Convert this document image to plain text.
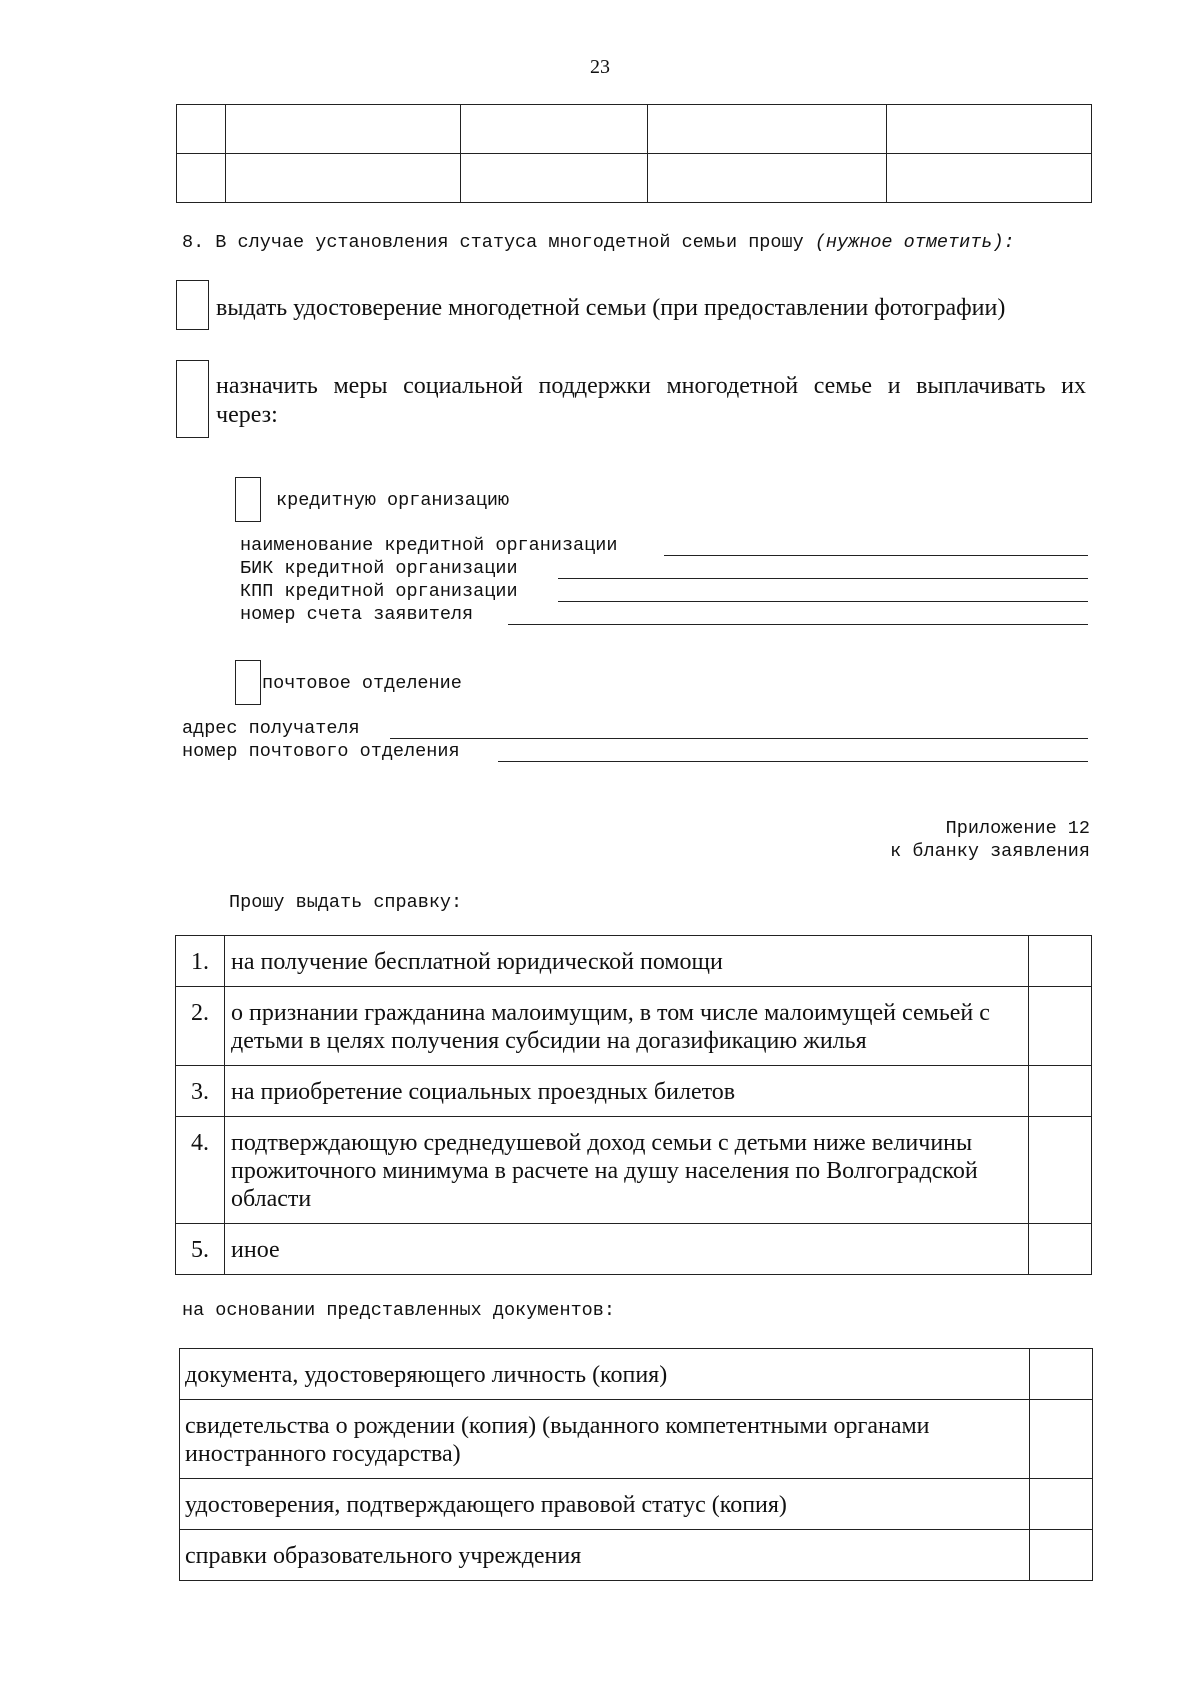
23

8. В случае установления статуса многодетной семьи прошу (нужное отметить):
выдать удостоверение многодетной семьи (при предоставлении фотографии)
назначить меры социальной поддержки многодетной семье и выплачивать их
через:
кредитную организацию
наименование кредитной организации
БИК кредитной организации
КПП кредитной организации
номер счета заявителя
почтовое отделение
адрес получателя
номер почтового отделения
Приложение 12
к бланку заявления
Прошу выдать справку:
1.	на получение бесплатной юридической помощи	
2.	о признании гражданина малоимущим, в том числе малоимущей семьей с детьми в целях получения субсидии на догазификацию жилья	
3.	на приобретение социальных проездных билетов	
4.	подтверждающую среднедушевой доход семьи с детьми ниже величины прожиточного минимума в расчете на душу населения по Волгоградской области	
5.	иное	
на основании представленных документов:
документа, удостоверяющего личность (копия)	
свидетельства о рождении (копия) (выданного компетентными органами иностранного государства)	
удостоверения, подтверждающего правовой статус (копия)	
справки образовательного учреждения	
